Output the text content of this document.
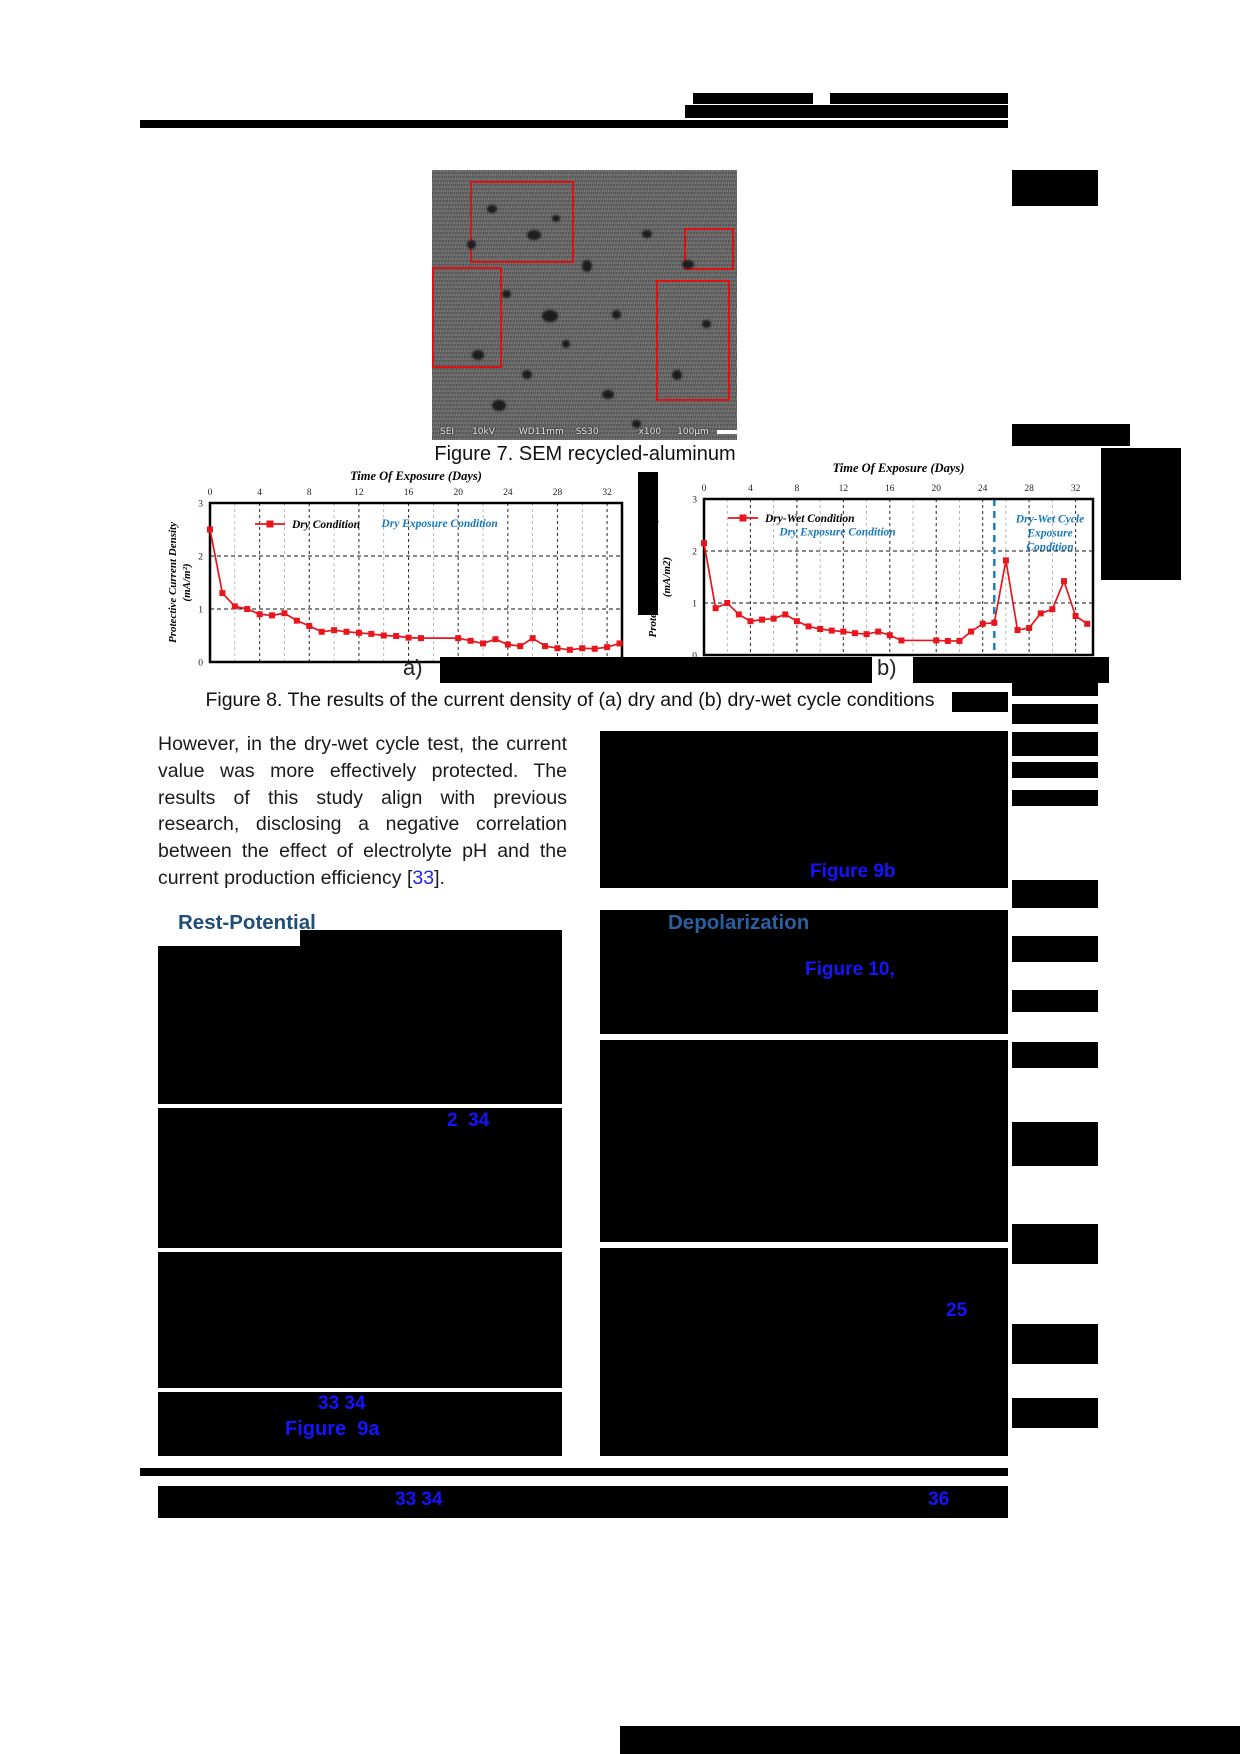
SEI 10kV	WD11mm SS30	x100 100μm
Figure 7. SEM recycled-aluminum
0	4	8	12	16	20	24	28	32
0
1
2
3
Time Of Exposure (Days)
Protective Current Density (mA/m²)
Dry Exposure Condition
Dry Condition
0	4	8	12	16	20	24	28	32
1
2
3
Time Of Exposure (Days)
Protective Current Density (mA/m2)
Dry Exposure Condition
Dry-Wet Cycle
Exposure
Condition
Dry-Wet Condition
a)	b)
Figure 8. The results of the current density of (a) dry and (b) dry-wet cycle conditions
However, in the dry-wet cycle test, the current value was more effectively protected. The results of this study align with previous research, disclosing a negative correlation between the effect of electrolyte pH and the current production efficiency [33].	Figure 9b
Rest-Potential	Depolarization
Figure 10,
2  34
25
33 34
Figure  9a
33 34	36
